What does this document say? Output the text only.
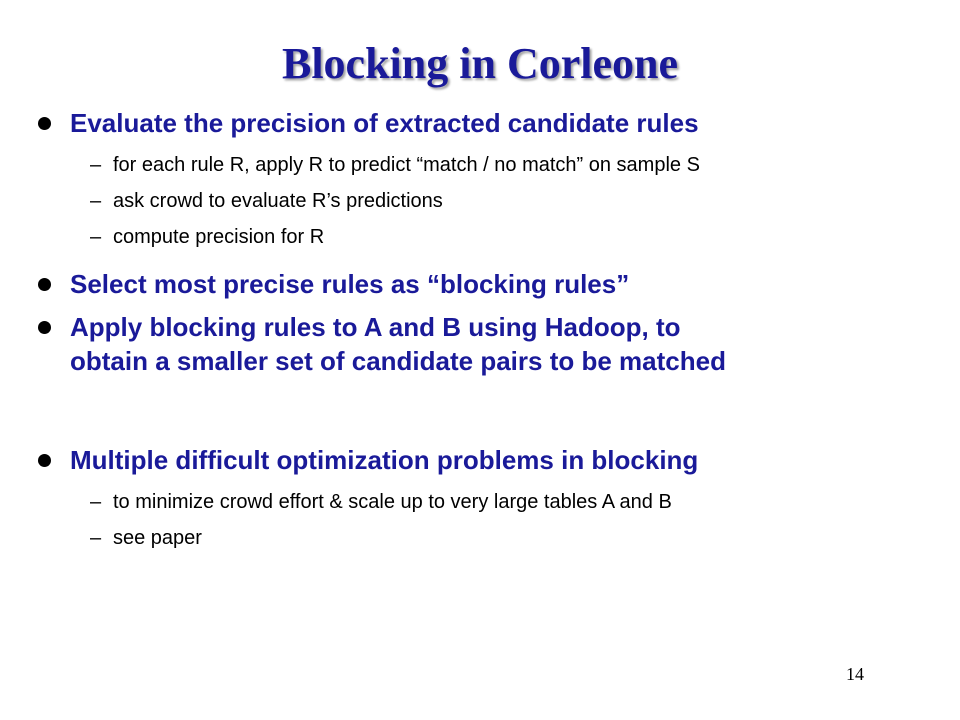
Blocking in Corleone
Evaluate the precision of extracted candidate rules
– for each rule R, apply R to predict “match / no match” on sample S
– ask crowd to evaluate R’s predictions
– compute precision for R
Select most precise rules as “blocking rules”
Apply blocking rules to A and B using Hadoop, to
obtain a smaller set of candidate pairs to be matched
Multiple difficult optimization problems in blocking
– to minimize crowd effort & scale up to very large tables A and B
– see paper
14
